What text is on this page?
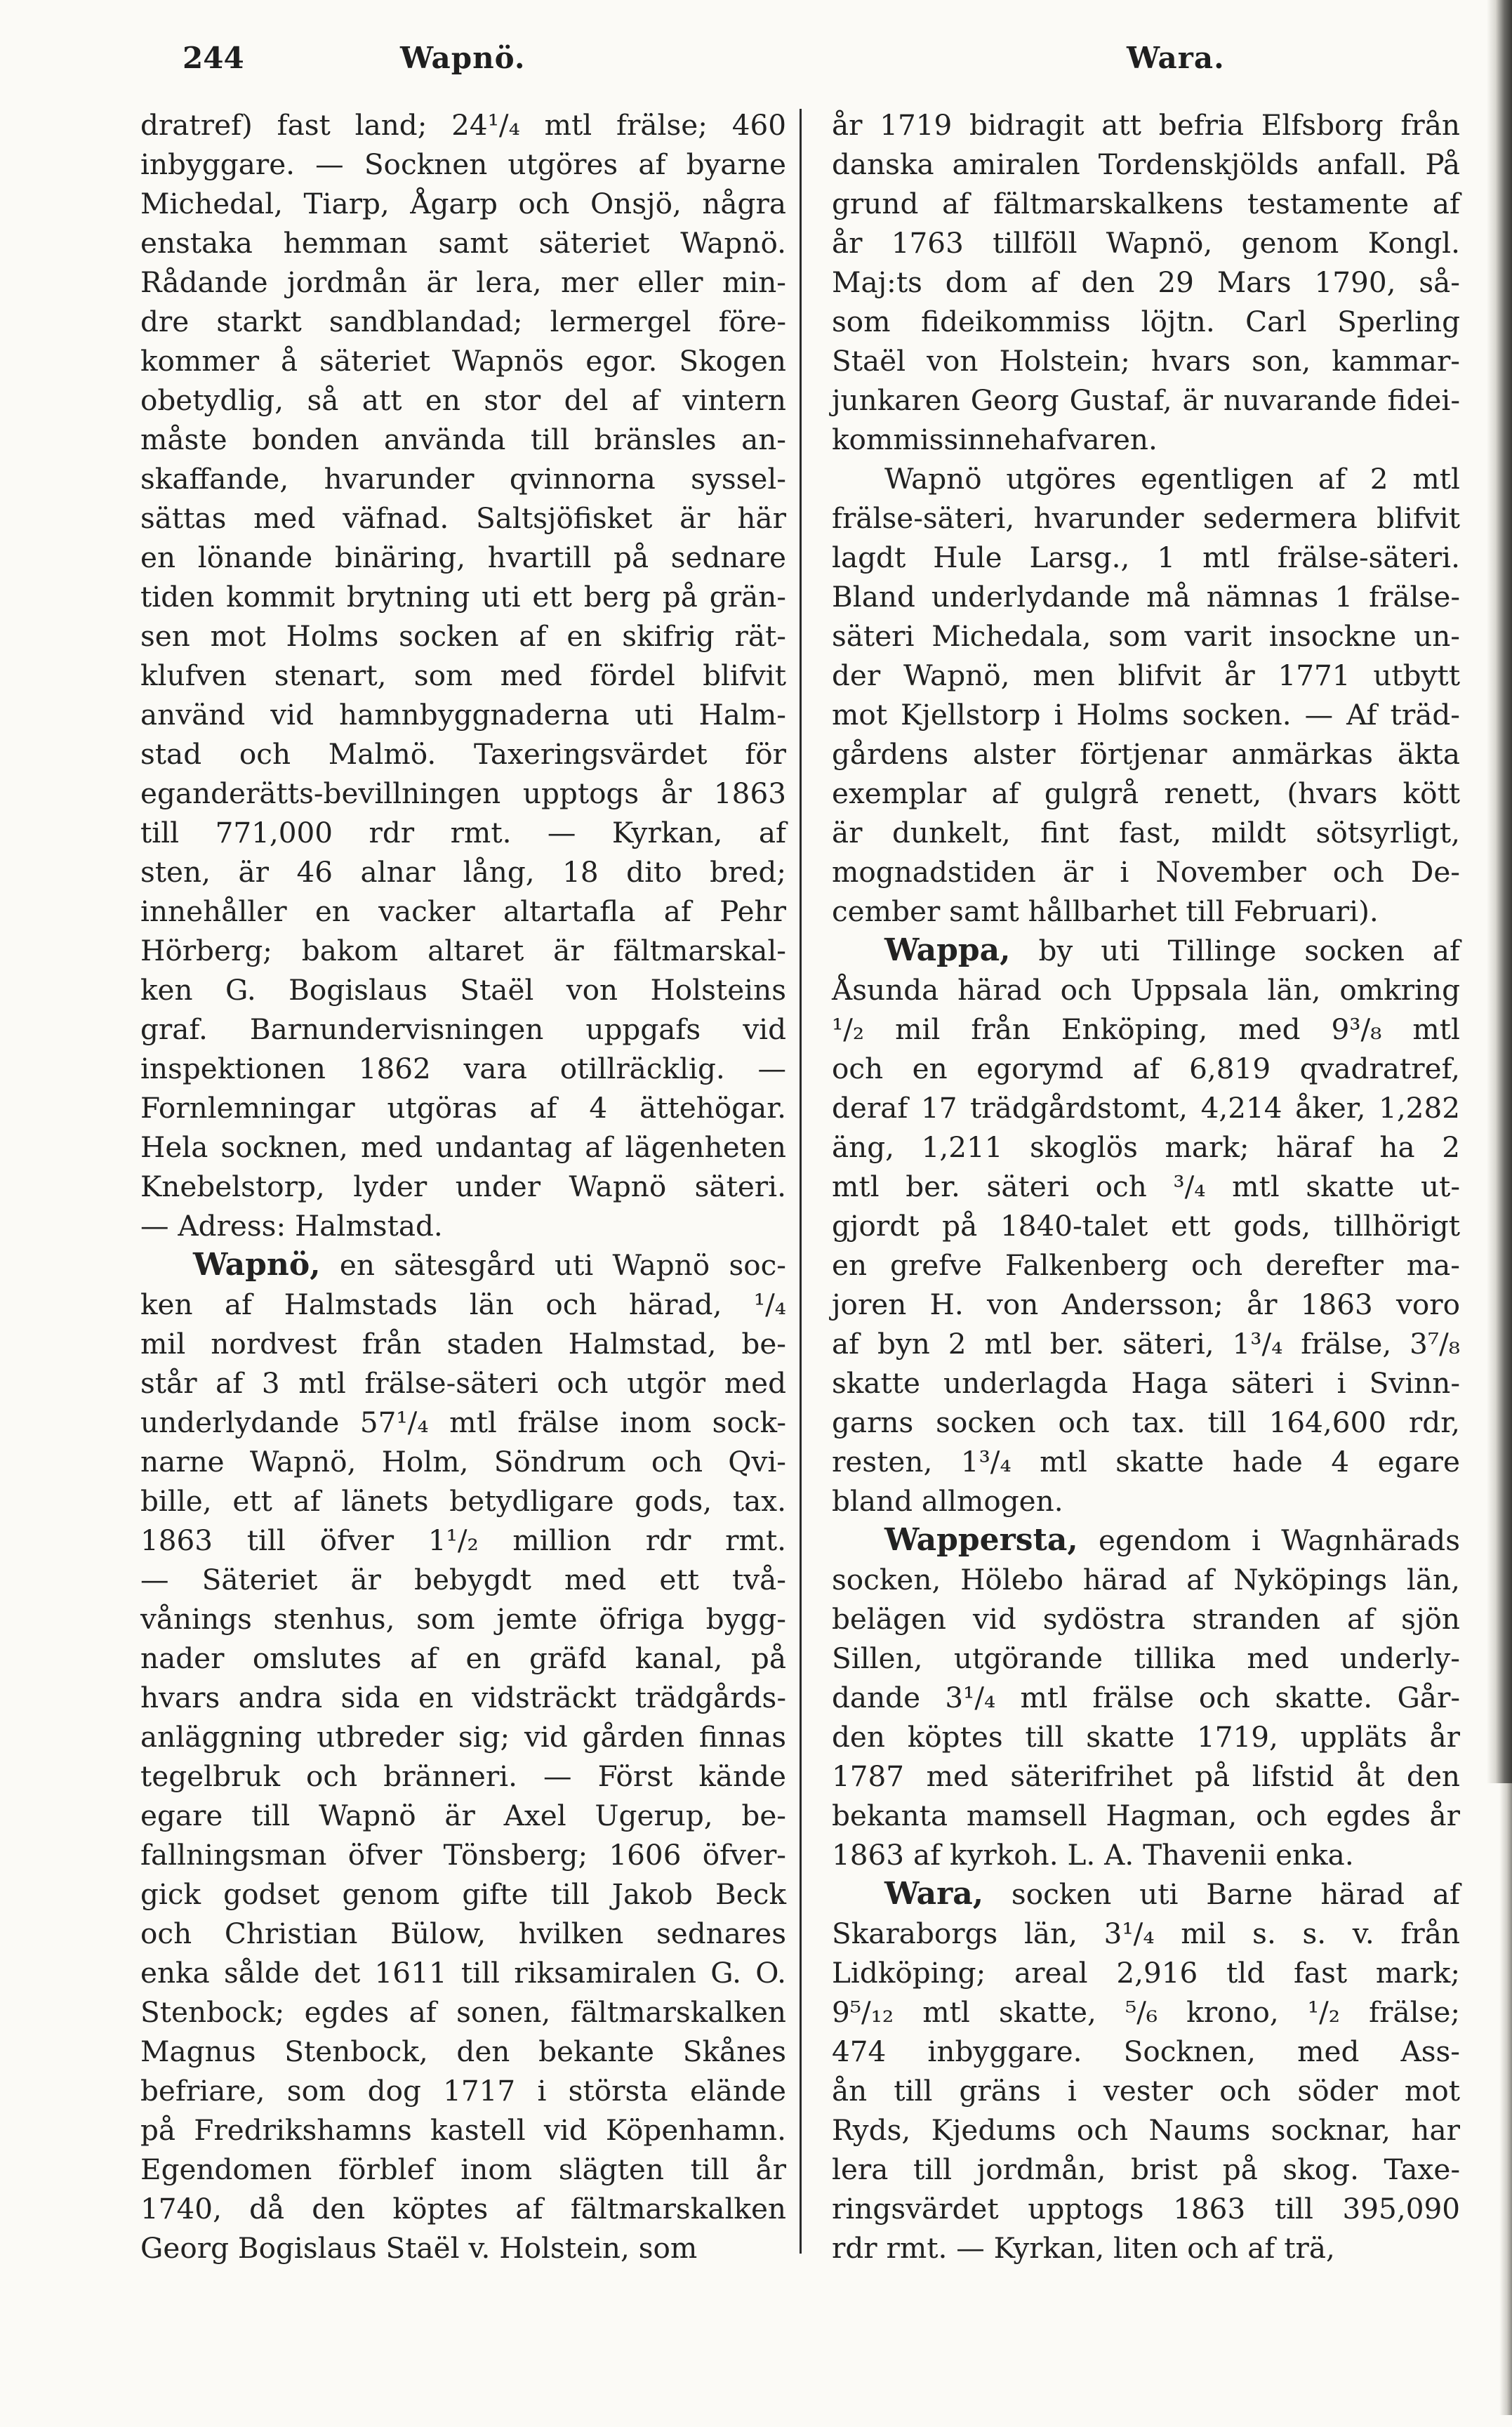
244	Wapnö.	Wara.
dratref) fast land; 24¹/₄ mtl frälse; 460
inbyggare. — Socknen utgöres af byarne
Michedal, Tiarp, Ågarp och Onsjö, några
enstaka hemman samt säteriet Wapnö.
Rådande jordmån är lera, mer eller min-
dre starkt sandblandad; lermergel före-
kommer å säteriet Wapnös egor. Skogen
obetydlig, så att en stor del af vintern
måste bonden använda till bränsles an-
skaffande, hvarunder qvinnorna syssel-
sättas med väfnad. Saltsjöfisket är här
en lönande binäring, hvartill på sednare
tiden kommit brytning uti ett berg på grän-
sen mot Holms socken af en skifrig rät-
klufven stenart, som med fördel blifvit
använd vid hamnbyggnaderna uti Halm-
stad och Malmö. Taxeringsvärdet för
eganderätts-bevillningen upptogs år 1863
till 771,000 rdr rmt. — Kyrkan, af
sten, är 46 alnar lång, 18 dito bred;
innehåller en vacker altartafla af Pehr
Hörberg; bakom altaret är fältmarskal-
ken G. Bogislaus Staël von Holsteins
graf. Barnundervisningen uppgafs vid
inspektionen 1862 vara otillräcklig. —
Fornlemningar utgöras af 4 ättehögar.
Hela socknen, med undantag af lägenheten
Knebelstorp, lyder under Wapnö säteri.
— Adress: Halmstad.
Wapnö, en sätesgård uti Wapnö soc-
ken af Halmstads län och härad, ¹/₄
mil nordvest från staden Halmstad, be-
står af 3 mtl frälse-säteri och utgör med
underlydande 57¹/₄ mtl frälse inom sock-
narne Wapnö, Holm, Söndrum och Qvi-
bille, ett af länets betydligare gods, tax.
1863 till öfver 1¹/₂ million rdr rmt.
— Säteriet är bebygdt med ett två-
vånings stenhus, som jemte öfriga bygg-
nader omslutes af en gräfd kanal, på
hvars andra sida en vidsträckt trädgårds-
anläggning utbreder sig; vid gården finnas
tegelbruk och bränneri. — Först kände
egare till Wapnö är Axel Ugerup, be-
fallningsman öfver Tönsberg; 1606 öfver-
gick godset genom gifte till Jakob Beck
och Christian Bülow, hvilken sednares
enka sålde det 1611 till riksamiralen G. O.
Stenbock; egdes af sonen, fältmarskalken
Magnus Stenbock, den bekante Skånes
befriare, som dog 1717 i största elände
på Fredrikshamns kastell vid Köpenhamn.
Egendomen förblef inom slägten till år
1740, då den köptes af fältmarskalken
Georg Bogislaus Staël v. Holstein, som
år 1719 bidragit att befria Elfsborg från
danska amiralen Tordenskjölds anfall. På
grund af fältmarskalkens testamente af
år 1763 tillföll Wapnö, genom Kongl.
Maj:ts dom af den 29 Mars 1790, så-
som fideikommiss löjtn. Carl Sperling
Staël von Holstein; hvars son, kammar-
junkaren Georg Gustaf, är nuvarande fidei-
kommissinnehafvaren.
Wapnö utgöres egentligen af 2 mtl
frälse-säteri, hvarunder sedermera blifvit
lagdt Hule Larsg., 1 mtl frälse-säteri.
Bland underlydande må nämnas 1 frälse-
säteri Michedala, som varit insockne un-
der Wapnö, men blifvit år 1771 utbytt
mot Kjellstorp i Holms socken. — Af träd-
gårdens alster förtjenar anmärkas äkta
exemplar af gulgrå renett, (hvars kött
är dunkelt, fint fast, mildt sötsyrligt,
mognadstiden är i November och De-
cember samt hållbarhet till Februari).
Wappa, by uti Tillinge socken af
Åsunda härad och Uppsala län, omkring
¹/₂ mil från Enköping, med 9³/₈ mtl
och en egorymd af 6,819 qvadratref,
deraf 17 trädgårdstomt, 4,214 åker, 1,282
äng, 1,211 skoglös mark; häraf ha 2
mtl ber. säteri och ³/₄ mtl skatte ut-
gjordt på 1840-talet ett gods, tillhörigt
en grefve Falkenberg och derefter ma-
joren H. von Andersson; år 1863 voro
af byn 2 mtl ber. säteri, 1³/₄ frälse, 3⁷/₈
skatte underlagda Haga säteri i Svinn-
garns socken och tax. till 164,600 rdr,
resten, 1³/₄ mtl skatte hade 4 egare
bland allmogen.
Wappersta, egendom i Wagnhärads
socken, Hölebo härad af Nyköpings län,
belägen vid sydöstra stranden af sjön
Sillen, utgörande tillika med underly-
dande 3¹/₄ mtl frälse och skatte. Går-
den köptes till skatte 1719, uppläts år
1787 med säterifrihet på lifstid åt den
bekanta mamsell Hagman, och egdes år
1863 af kyrkoh. L. A. Thavenii enka.
Wara, socken uti Barne härad af
Skaraborgs län, 3¹/₄ mil s. s. v. från
Lidköping; areal 2,916 tld fast mark;
9⁵/₁₂ mtl skatte, ⁵/₆ krono, ¹/₂ frälse;
474 inbyggare. Socknen, med Ass-
ån till gräns i vester och söder mot
Ryds, Kjedums och Naums socknar, har
lera till jordmån, brist på skog. Taxe-
ringsvärdet upptogs 1863 till 395,090
rdr rmt. — Kyrkan, liten och af trä,
